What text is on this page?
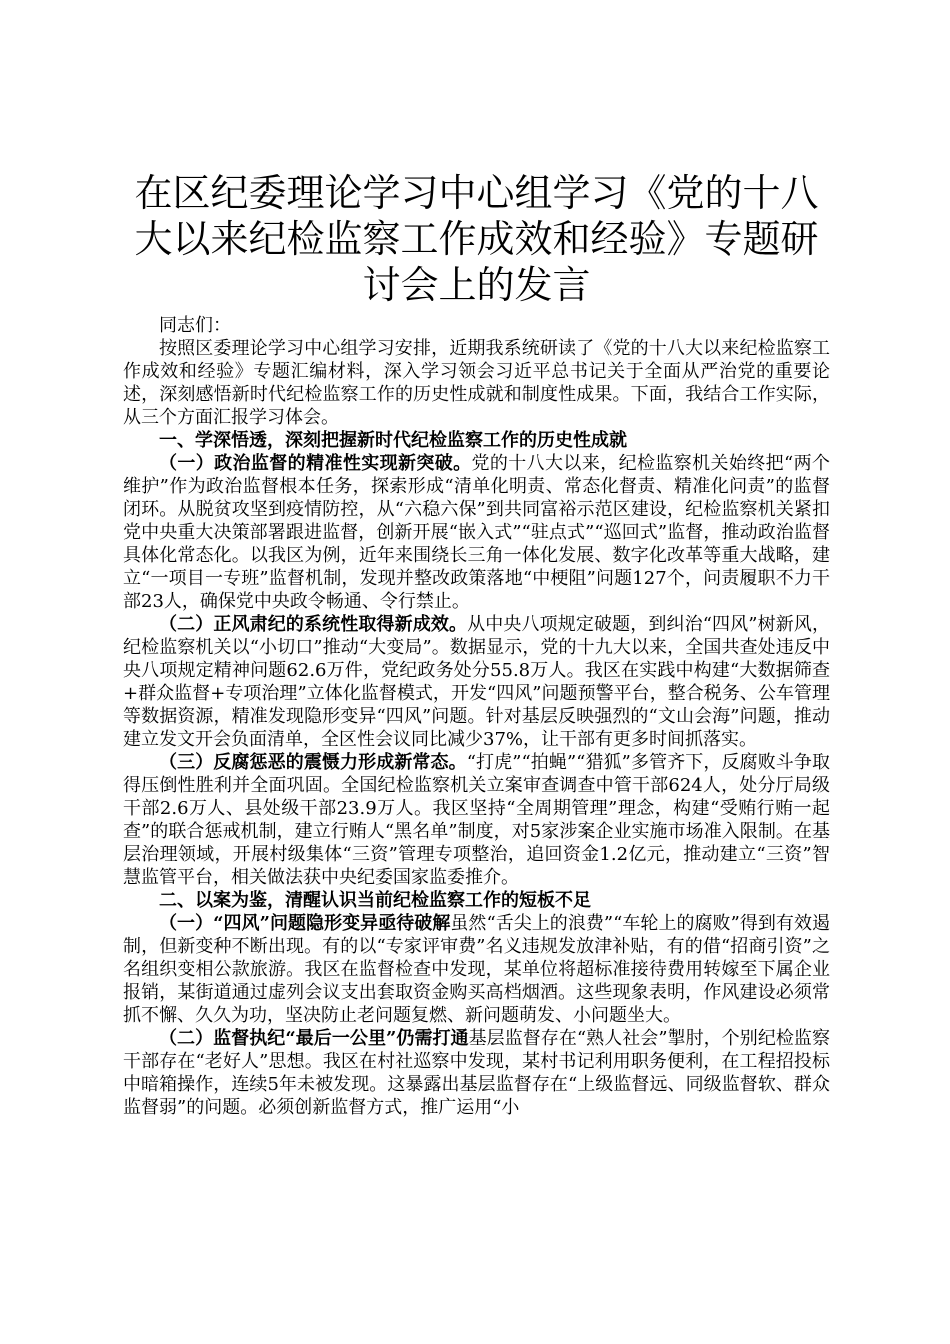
在区纪委理论学习中心组学习《党的十八大以来纪检监察工作成效和经验》专题研讨会上的发言

同志们：

按照区委理论学习中心组学习安排，近期我系统研读了《党的十八大以来纪检监察工作成效和经验》专题汇编材料，深入学习领会习近平总书记关于全面从严治党的重要论述，深刻感悟新时代纪检监察工作的历史性成就和制度性成果。下面，我结合工作实际，从三个方面汇报学习体会。

一、学深悟透，深刻把握新时代纪检监察工作的历史性成就

（一）政治监督的精准性实现新突破。党的十八大以来，纪检监察机关始终把“两个维护”作为政治监督根本任务，探索形成“清单化明责、常态化督责、精准化问责”的监督闭环。从脱贫攻坚到疫情防控，从“六稳六保”到共同富裕示范区建设，纪检监察机关紧扣党中央重大决策部署跟进监督，创新开展“嵌入式”“驻点式”“巡回式”监督，推动政治监督具体化常态化。以我区为例，近年来围绕长三角一体化发展、数字化改革等重大战略，建立“一项目一专班”监督机制，发现并整改政策落地“中梗阻”问题127个，问责履职不力干部23人，确保党中央政令畅通、令行禁止。

（二）正风肃纪的系统性取得新成效。从中央八项规定破题，到纠治“四风”树新风，纪检监察机关以“小切口”推动“大变局”。数据显示，党的十九大以来，全国共查处违反中央八项规定精神问题62.6万件，党纪政务处分55.8万人。我区在实践中构建“大数据筛查+群众监督+专项治理”立体化监督模式，开发“四风”问题预警平台，整合税务、公车管理等数据资源，精准发现隐形变异“四风”问题。针对基层反映强烈的“文山会海”问题，推动建立发文开会负面清单，全区性会议同比减少37%，让干部有更多时间抓落实。

（三）反腐惩恶的震慑力形成新常态。“打虎”“拍蝇”“猎狐”多管齐下，反腐败斗争取得压倒性胜利并全面巩固。全国纪检监察机关立案审查调查中管干部624人，处分厅局级干部2.6万人、县处级干部23.9万人。我区坚持“全周期管理”理念，构建“受贿行贿一起查”的联合惩戒机制，建立行贿人“黑名单”制度，对5家涉案企业实施市场准入限制。在基层治理领域，开展村级集体“三资”管理专项整治，追回资金1.2亿元，推动建立“三资”智慧监管平台，相关做法获中央纪委国家监委推介。

二、以案为鉴，清醒认识当前纪检监察工作的短板不足

（一）“四风”问题隐形变异亟待破解虽然“舌尖上的浪费”“车轮上的腐败”得到有效遏制，但新变种不断出现。有的以“专家评审费”名义违规发放津补贴，有的借“招商引资”之名组织变相公款旅游。我区在监督检查中发现，某单位将超标准接待费用转嫁至下属企业报销，某街道通过虚列会议支出套取资金购买高档烟酒。这些现象表明，作风建设必须常抓不懈、久久为功，坚决防止老问题复燃、新问题萌发、小问题坐大。

（二）监督执纪“最后一公里”仍需打通基层监督存在“熟人社会”掣肘，个别纪检监察干部存在“老好人”思想。我区在村社巡察中发现，某村书记利用职务便利，在工程招投标中暗箱操作，连续5年未被发现。这暴露出基层监督存在“上级监督远、同级监督软、群众监督弱”的问题。必须创新监督方式，推广运用“小
